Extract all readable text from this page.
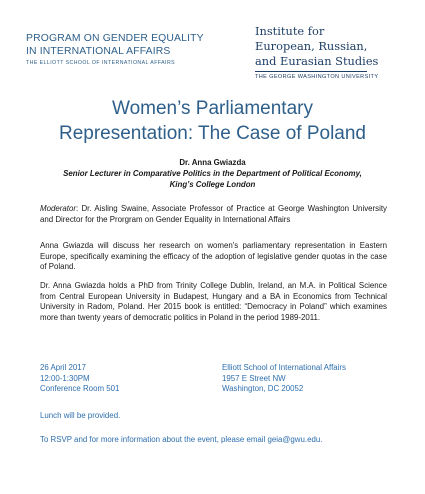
PROGRAM ON GENDER EQUALITY
IN INTERNATIONAL AFFAIRS
THE ELLIOTT SCHOOL OF INTERNATIONAL AFFAIRS
Institute for
European, Russian,
and Eurasian Studies
THE GEORGE WASHINGTON UNIVERSITY
Women’s Parliamentary
Representation: The Case of Poland
Dr. Anna Gwiazda
Senior Lecturer in Comparative Politics in the Department of Political Economy,
King’s College London
Moderator: Dr. Aisling Swaine, Associate Professor of Practice at George Washington University and Director for the Prorgram on Gender Equality in International Affairs
Anna Gwiazda will discuss her research on women's parliamentary representation in Eastern Europe, specifically examining the efficacy of the adoption of legislative gender quotas in the case of Poland.
Dr. Anna Gwiazda holds a PhD from Trinity College Dublin, Ireland, an M.A. in Political Science from Central European University in Budapest, Hungary and a BA in Economics from Technical University in Radom, Poland. Her 2015 book is entitled: “Democracy in Poland” which examines more than twenty years of democratic politics in Poland in the period 1989-2011.
26 April 2017
12:00-1:30PM
Conference Room 501
Elliott School of International Affairs
1957 E Street NW
Washington, DC 20052
Lunch will be provided.
To RSVP and for more information about the event, please email geia@gwu.edu.
